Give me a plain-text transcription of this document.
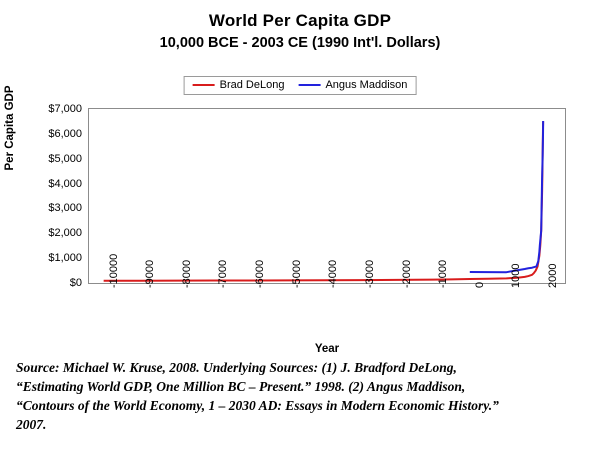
World Per Capita GDP
10,000 BCE - 2003 CE (1990 Int'l. Dollars)
Brad DeLong	Angus Maddison
Per Capita GDP	$7,000
$6,000
$5,000
$4,000
$3,000
$2,000
$1,000
$0 -10000 -9000 -8000 -7000 -6000 -5000 -4000 -3000 -2000 -1000 0 1000 2000
Year
Source: Michael W. Kruse, 2008. Underlying Sources: (1) J. Bradford DeLong,
“Estimating World GDP, One Million BC – Present.” 1998. (2) Angus Maddison,
“Contours of the World Economy, 1 – 2030 AD: Essays in Modern Economic History.”
2007.
